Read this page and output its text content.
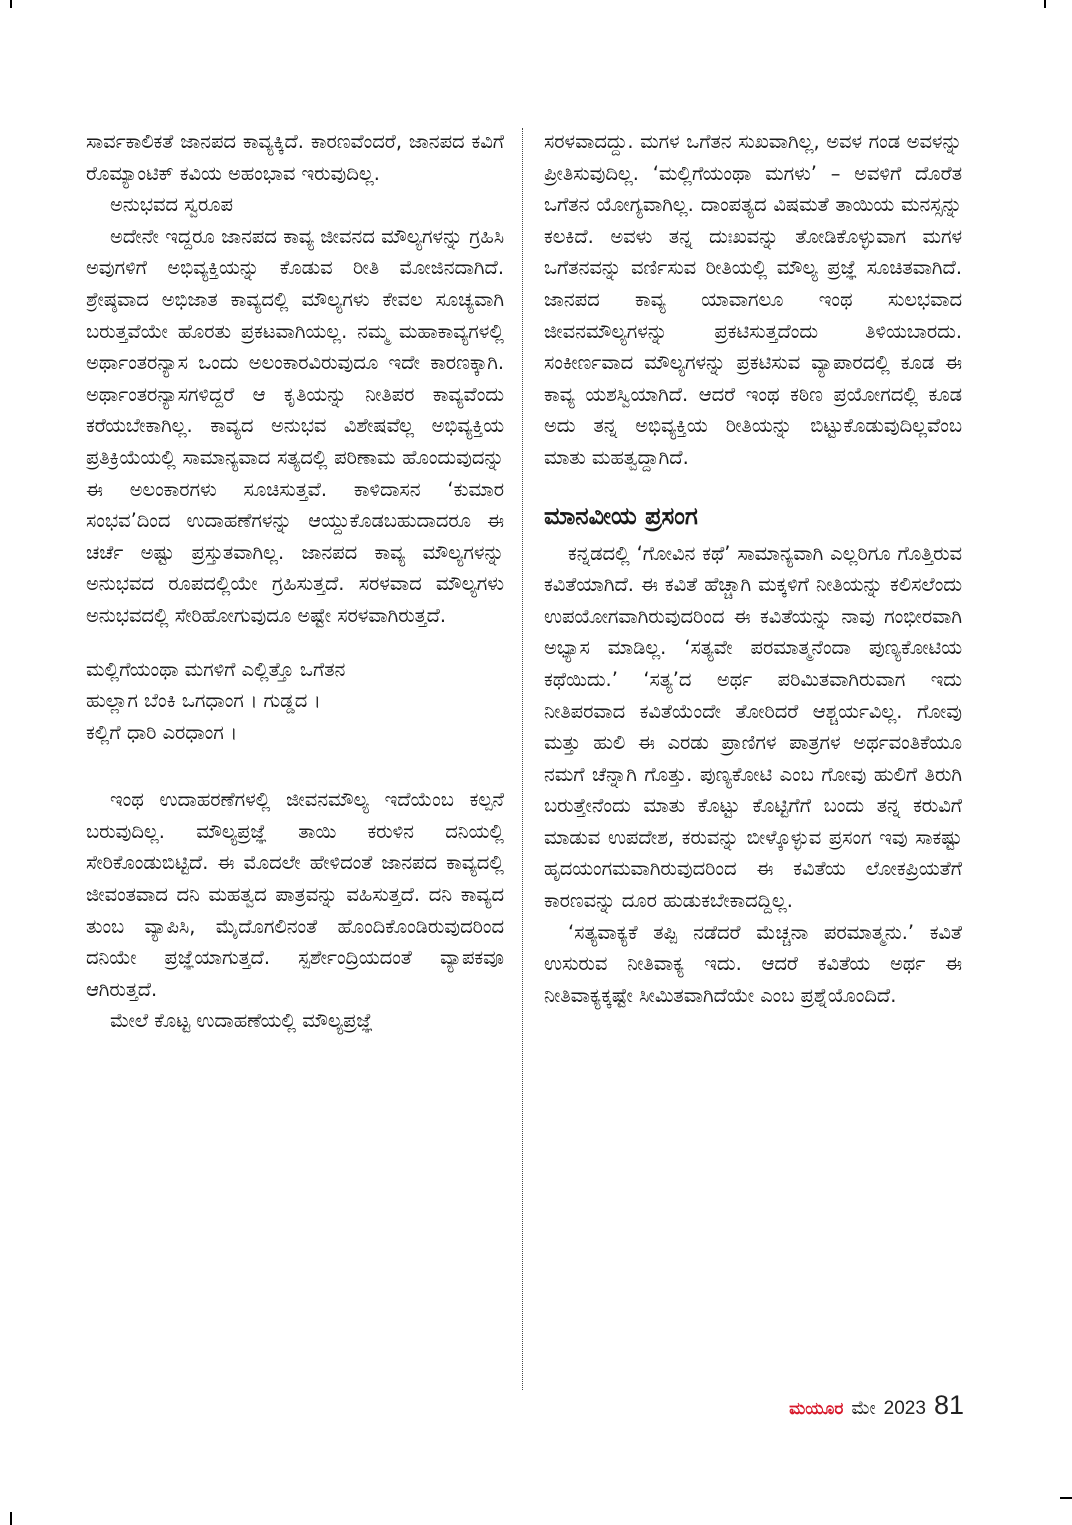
ಸಾರ್ವಕಾಲಿಕತೆ ಜಾನಪದ ಕಾವ್ಯಕ್ಕಿದೆ. ಕಾರಣವೆಂದರೆ, ಜಾನಪದ ಕವಿಗೆ ರೊಮ್ಯಾಂಟಿಕ್ ಕವಿಯ ಅಹಂಭಾವ ಇರುವುದಿಲ್ಲ.

ಅನುಭವದ ಸ್ವರೂಪ

ಅದೇನೇ ಇದ್ದರೂ ಜಾನಪದ ಕಾವ್ಯ ಜೀವನದ ಮೌಲ್ಯಗಳನ್ನು ಗ್ರಹಿಸಿ ಅವುಗಳಿಗೆ ಅಭಿವ್ಯಕ್ತಿಯನ್ನು ಕೊಡುವ ರೀತಿ ಮೋಜಿನದಾಗಿದೆ. ಶ್ರೇಷ್ಠವಾದ ಅಭಿಜಾತ ಕಾವ್ಯದಲ್ಲಿ ಮೌಲ್ಯಗಳು ಕೇವಲ ಸೂಚ್ಯವಾಗಿ ಬರುತ್ತವೆಯೇ ಹೊರತು ಪ್ರಕಟವಾಗಿಯಲ್ಲ. ನಮ್ಮ ಮಹಾಕಾವ್ಯಗಳಲ್ಲಿ ಅರ್ಥಾಂತರನ್ಯಾಸ ಒಂದು ಅಲಂಕಾರವಿರುವುದೂ ಇದೇ ಕಾರಣಕ್ಕಾಗಿ. ಅರ್ಥಾಂತರನ್ಯಾಸಗಳಿದ್ದರೆ ಆ ಕೃತಿಯನ್ನು ನೀತಿಪರ ಕಾವ್ಯವೆಂದು ಕರೆಯಬೇಕಾಗಿಲ್ಲ. ಕಾವ್ಯದ ಅನುಭವ ವಿಶೇಷವೆಲ್ಲ ಅಭಿವ್ಯಕ್ತಿಯ ಪ್ರತಿಕ್ರಿಯೆಯಲ್ಲಿ ಸಾಮಾನ್ಯವಾದ ಸತ್ಯದಲ್ಲಿ ಪರಿಣಾಮ ಹೊಂದುವುದನ್ನು ಈ ಅಲಂಕಾರಗಳು ಸೂಚಿಸುತ್ತವೆ. ಕಾಳಿದಾಸನ ‘ಕುಮಾರ ಸಂಭವ’ದಿಂದ ಉದಾಹಣೆಗಳನ್ನು ಆಯ್ದುಕೊಡಬಹುದಾದರೂ ಈ ಚರ್ಚೆ ಅಷ್ಟು ಪ್ರಸ್ತುತವಾಗಿಲ್ಲ. ಜಾನಪದ ಕಾವ್ಯ ಮೌಲ್ಯಗಳನ್ನು ಅನುಭವದ ರೂಪದಲ್ಲಿಯೇ ಗ್ರಹಿಸುತ್ತದೆ. ಸರಳವಾದ ಮೌಲ್ಯಗಳು ಅನುಭವದಲ್ಲಿ ಸೇರಿಹೋಗುವುದೂ ಅಷ್ಟೇ ಸರಳವಾಗಿರುತ್ತದೆ.

ಮಲ್ಲಿಗೆಯಂಥಾ ಮಗಳಿಗೆ ಎಲ್ಲಿತ್ತೊ ಒಗೆತನ

ಹುಲ್ಲಾಗ ಬೆಂಕಿ ಒಗಧಾಂಗ । ಗುಡ್ಡದ ।

ಕಲ್ಲಿಗೆ ಧಾರಿ ಎರಧಾಂಗ ।

ಇಂಥ ಉದಾಹರಣೆಗಳಲ್ಲಿ ಜೀವನಮೌಲ್ಯ ಇದೆಯೆಂಬ ಕಲ್ಪನೆ ಬರುವುದಿಲ್ಲ. ಮೌಲ್ಯಪ್ರಜ್ಞೆ ತಾಯಿ ಕರುಳಿನ ದನಿಯಲ್ಲಿ ಸೇರಿಕೊಂಡುಬಿಟ್ಟಿದೆ. ಈ ಮೊದಲೇ ಹೇಳಿದಂತೆ ಜಾನಪದ ಕಾವ್ಯದಲ್ಲಿ ಜೀವಂತವಾದ ದನಿ ಮಹತ್ವದ ಪಾತ್ರವನ್ನು ವಹಿಸುತ್ತದೆ. ದನಿ ಕಾವ್ಯದ ತುಂಬ ವ್ಯಾಪಿಸಿ, ಮೈದೊಗಲಿನಂತೆ ಹೊಂದಿಕೊಂಡಿರುವುದರಿಂದ ದನಿಯೇ ಪ್ರಜ್ಞೆಯಾಗುತ್ತದೆ. ಸ್ಪರ್ಶೇಂದ್ರಿಯದಂತೆ ವ್ಯಾಪಕವೂ ಆಗಿರುತ್ತದೆ.

ಮೇಲೆ ಕೊಟ್ಟ ಉದಾಹಣೆಯಲ್ಲಿ ಮೌಲ್ಯಪ್ರಜ್ಞೆ

ಸರಳವಾದದ್ದು. ಮಗಳ ಒಗೆತನ ಸುಖವಾಗಿಲ್ಲ, ಅವಳ ಗಂಡ ಅವಳನ್ನು ಪ್ರೀತಿಸುವುದಿಲ್ಲ. ‘ಮಲ್ಲಿಗೆಯಂಥಾ ಮಗಳು’ – ಅವಳಿಗೆ ದೊರೆತ ಒಗೆತನ ಯೋಗ್ಯವಾಗಿಲ್ಲ. ದಾಂಪತ್ಯದ ವಿಷಮತೆ ತಾಯಿಯ ಮನಸ್ಸನ್ನು ಕಲಕಿದೆ. ಅವಳು ತನ್ನ ದುಃಖವನ್ನು ತೋಡಿಕೊಳ್ಳುವಾಗ ಮಗಳ ಒಗೆತನವನ್ನು ವರ್ಣಿಸುವ ರೀತಿಯಲ್ಲಿ ಮೌಲ್ಯ ಪ್ರಜ್ಞೆ ಸೂಚಿತವಾಗಿದೆ. ಜಾನಪದ ಕಾವ್ಯ ಯಾವಾಗಲೂ ಇಂಥ ಸುಲಭವಾದ ಜೀವನಮೌಲ್ಯಗಳನ್ನು ಪ್ರಕಟಿಸುತ್ತದೆಂದು ತಿಳಿಯಬಾರದು. ಸಂಕೀರ್ಣವಾದ ಮೌಲ್ಯಗಳನ್ನು ಪ್ರಕಟಿಸುವ ವ್ಯಾಪಾರದಲ್ಲಿ ಕೂಡ ಈ ಕಾವ್ಯ ಯಶಸ್ವಿಯಾಗಿದೆ. ಆದರೆ ಇಂಥ ಕಠಿಣ ಪ್ರಯೋಗದಲ್ಲಿ ಕೂಡ ಅದು ತನ್ನ ಅಭಿವ್ಯಕ್ತಿಯ ರೀತಿಯನ್ನು ಬಿಟ್ಟುಕೊಡುವುದಿಲ್ಲವೆಂಬ ಮಾತು ಮಹತ್ವದ್ದಾಗಿದೆ.

ಮಾನವೀಯ ಪ್ರಸಂಗ

ಕನ್ನಡದಲ್ಲಿ ‘ಗೋವಿನ ಕಥೆ’ ಸಾಮಾನ್ಯವಾಗಿ ಎಲ್ಲರಿಗೂ ಗೊತ್ತಿರುವ ಕವಿತೆಯಾಗಿದೆ. ಈ ಕವಿತೆ ಹೆಚ್ಚಾಗಿ ಮಕ್ಕಳಿಗೆ ನೀತಿಯನ್ನು ಕಲಿಸಲೆಂದು ಉಪಯೋಗವಾಗಿರುವುದರಿಂದ ಈ ಕವಿತೆಯನ್ನು ನಾವು ಗಂಭೀರವಾಗಿ ಅಭ್ಯಾಸ ಮಾಡಿಲ್ಲ. ‘ಸತ್ಯವೇ ಪರಮಾತ್ಮನೆಂದಾ ಪುಣ್ಯಕೋಟಿಯ ಕಥೆಯಿದು.’ ‘ಸತ್ಯ’ದ ಅರ್ಥ ಪರಿಮಿತವಾಗಿರುವಾಗ ಇದು ನೀತಿಪರವಾದ ಕವಿತೆಯೆಂದೇ ತೋರಿದರೆ ಆಶ್ಚರ್ಯವಿಲ್ಲ. ಗೋವು ಮತ್ತು ಹುಲಿ ಈ ಎರಡು ಪ್ರಾಣಿಗಳ ಪಾತ್ರಗಳ ಅರ್ಥವಂತಿಕೆಯೂ ನಮಗೆ ಚೆನ್ನಾಗಿ ಗೊತ್ತು. ಪುಣ್ಯಕೋಟಿ ಎಂಬ ಗೋವು ಹುಲಿಗೆ ತಿರುಗಿ ಬರುತ್ತೇನೆಂದು ಮಾತು ಕೊಟ್ಟು ಕೊಟ್ಟಿಗೆಗೆ ಬಂದು ತನ್ನ ಕರುವಿಗೆ ಮಾಡುವ ಉಪದೇಶ, ಕರುವನ್ನು ಬೀಳ್ಕೊಳ್ಳುವ ಪ್ರಸಂಗ ಇವು ಸಾಕಷ್ಟು ಹೃದಯಂಗಮವಾಗಿರುವುದರಿಂದ ಈ ಕವಿತೆಯ ಲೋಕಪ್ರಿಯತೆಗೆ ಕಾರಣವನ್ನು ದೂರ ಹುಡುಕಬೇಕಾದದ್ದಿಲ್ಲ.

‘ಸತ್ಯವಾಕ್ಯಕೆ ತಪ್ಪಿ ನಡೆದರೆ ಮೆಚ್ಚನಾ ಪರಮಾತ್ಮನು.’ ಕವಿತೆ ಉಸುರುವ ನೀತಿವಾಕ್ಯ ಇದು. ಆದರೆ ಕವಿತೆಯ ಅರ್ಥ ಈ ನೀತಿವಾಕ್ಯಕ್ಕಷ್ಟೇ ಸೀಮಿತವಾಗಿದೆಯೇ ಎಂಬ ಪ್ರಶ್ನೆಯೊಂದಿದೆ.

ಮಯೂರ ಮೇ 2023 81
